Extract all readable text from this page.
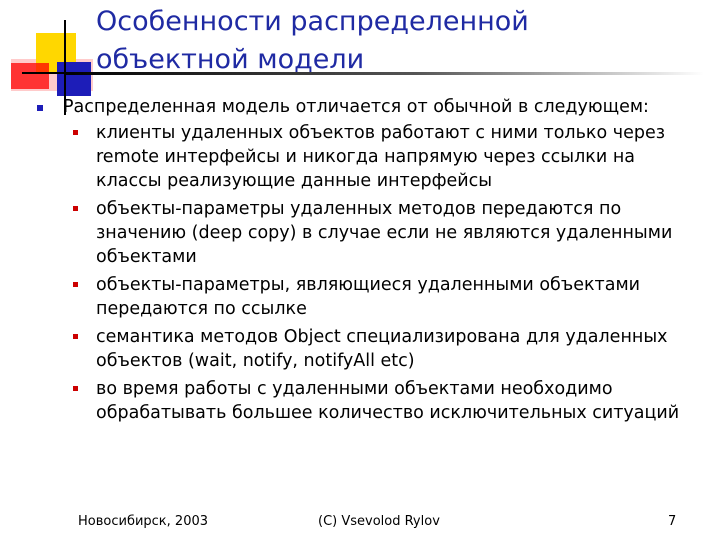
Особенности распределенной
объектной модели
Распределенная модель отличается от обычной в следующем:
клиенты удаленных объектов работают с ними только через remote интерфейсы и никогда напрямую через ссылки на классы реализующие данные интерфейсы
объекты-параметры удаленных методов передаются по значению (deep copy) в случае если не являются удаленными объектами
объекты-параметры, являющиеся удаленными объектами передаются по ссылке
семантика методов Object специализирована для удаленных объектов (wait, notify, notifyAll etc)
во время работы с удаленными объектами необходимо обрабатывать большее количество исключительных ситуаций
Новосибирск, 2003	(C) Vsevolod Rylov	7
